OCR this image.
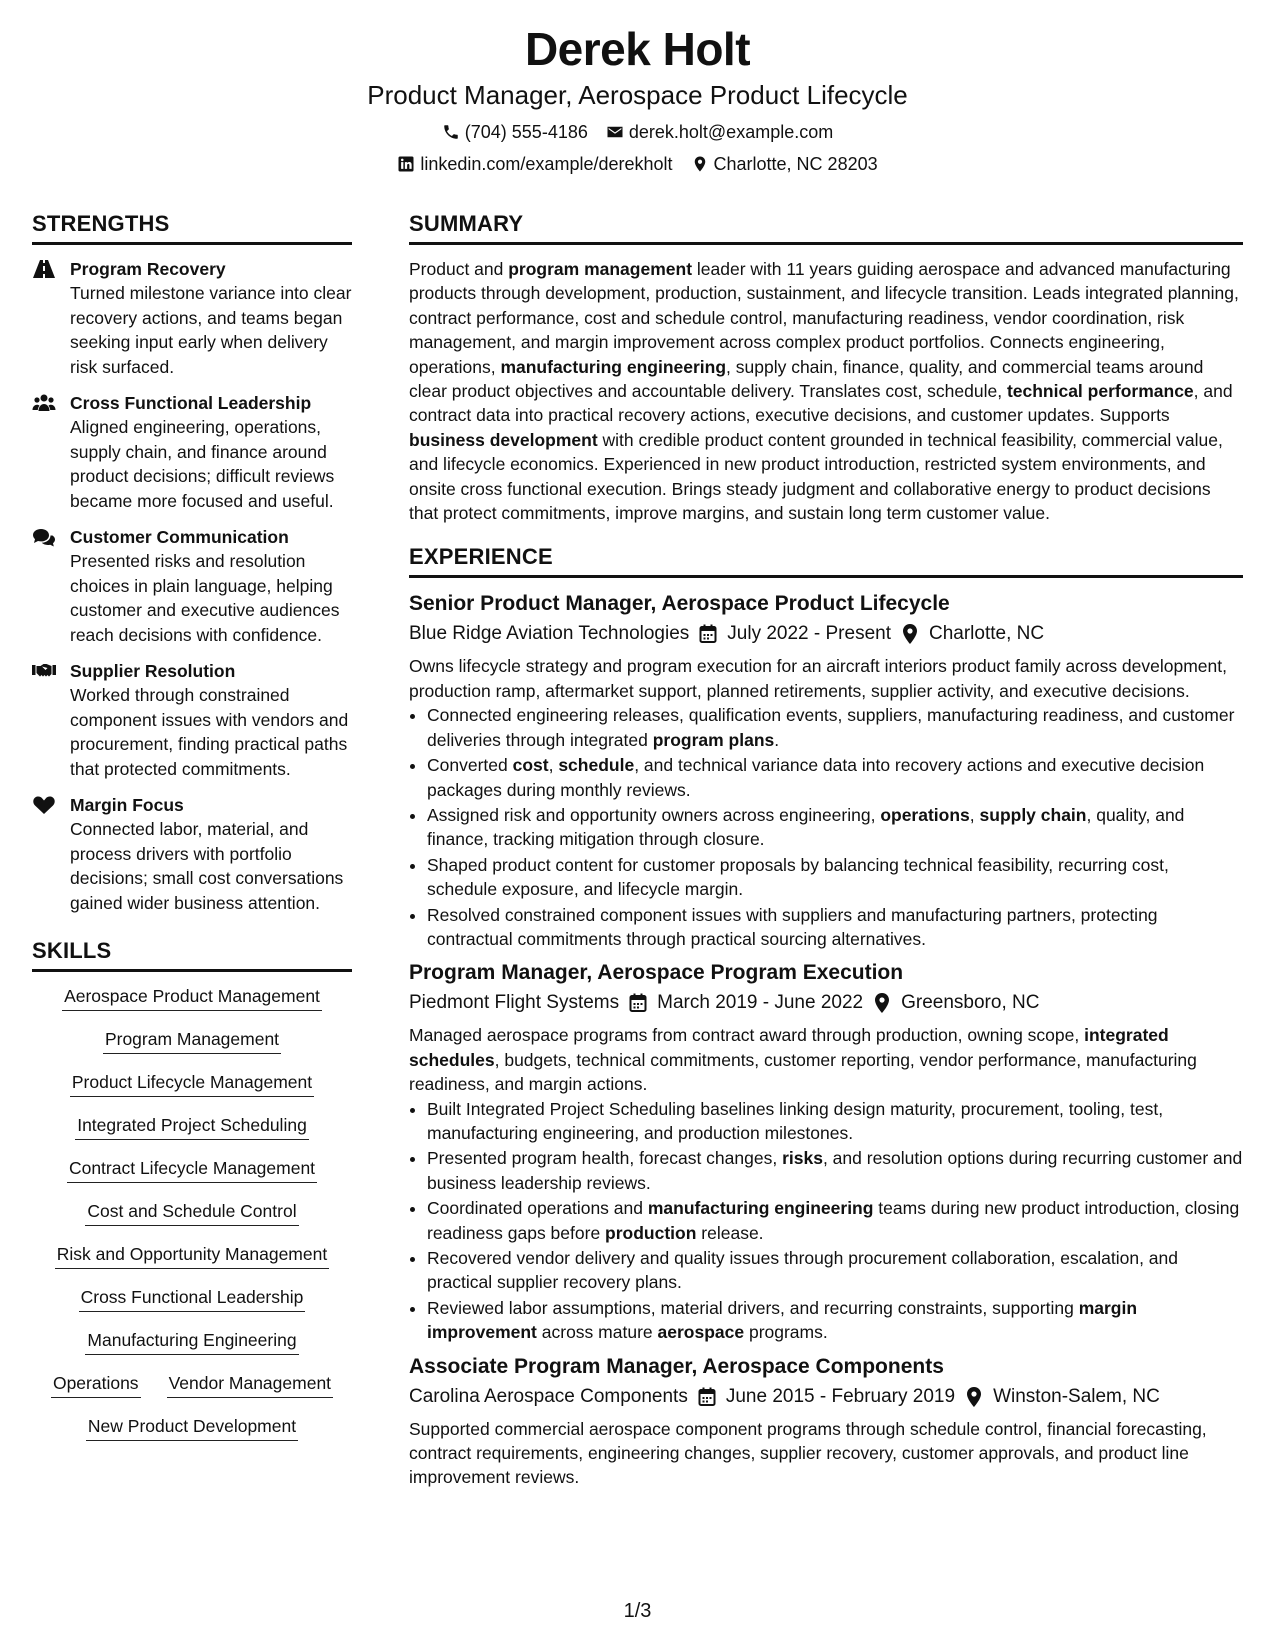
Derek Holt
Product Manager, Aerospace Product Lifecycle
(704) 555-4186 derek.holt@example.com
linkedin.com/example/derekholt Charlotte, NC 28203
STRENGTHS
Program Recovery
Turned milestone variance into clear recovery actions, and teams began seeking input early when delivery risk surfaced.
Cross Functional Leadership
Aligned engineering, operations, supply chain, and finance around product decisions; difficult reviews became more focused and useful.
Customer Communication
Presented risks and resolution choices in plain language, helping customer and executive audiences reach decisions with confidence.
Supplier Resolution
Worked through constrained component issues with vendors and procurement, finding practical paths that protected commitments.
Margin Focus
Connected labor, material, and process drivers with portfolio decisions; small cost conversations gained wider business attention.
SKILLS
Aerospace Product Management
Program Management
Product Lifecycle Management
Integrated Project Scheduling
Contract Lifecycle Management
Cost and Schedule Control
Risk and Opportunity Management
Cross Functional Leadership
Manufacturing Engineering
Operations Vendor Management
New Product Development
SUMMARY

Product and program management leader with 11 years guiding aerospace and advanced manufacturing products through development, production, sustainment, and lifecycle transition. Leads integrated planning, contract performance, cost and schedule control, manufacturing readiness, vendor coordination, risk management, and margin improvement across complex product portfolios. Connects engineering, operations, manufacturing engineering, supply chain, finance, quality, and commercial teams around clear product objectives and accountable delivery. Translates cost, schedule, technical performance, and contract data into practical recovery actions, executive decisions, and customer updates. Supports business development with credible product content grounded in technical feasibility, commercial value, and lifecycle economics. Experienced in new product introduction, restricted system environments, and onsite cross functional execution. Brings steady judgment and collaborative energy to product decisions that protect commitments, improve margins, and sustain long term customer value.

EXPERIENCE
Senior Product Manager, Aerospace Product Lifecycle
Blue Ridge Aviation Technologies July 2022 - Present Charlotte, NC

Owns lifecycle strategy and program execution for an aircraft interiors product family across development, production ramp, aftermarket support, planned retirements, supplier activity, and executive decisions.

• Connected engineering releases, qualification events, suppliers, manufacturing readiness, and customer deliveries through integrated program plans.
• Converted cost, schedule, and technical variance data into recovery actions and executive decision packages during monthly reviews.
• Assigned risk and opportunity owners across engineering, operations, supply chain, quality, and finance, tracking mitigation through closure.
• Shaped product content for customer proposals by balancing technical feasibility, recurring cost, schedule exposure, and lifecycle margin.
• Resolved constrained component issues with suppliers and manufacturing partners, protecting contractual commitments through practical sourcing alternatives.
Program Manager, Aerospace Program Execution
Piedmont Flight Systems March 2019 - June 2022 Greensboro, NC

Managed aerospace programs from contract award through production, owning scope, integrated schedules, budgets, technical commitments, customer reporting, vendor performance, manufacturing readiness, and margin actions.

• Built Integrated Project Scheduling baselines linking design maturity, procurement, tooling, test, manufacturing engineering, and production milestones.
• Presented program health, forecast changes, risks, and resolution options during recurring customer and business leadership reviews.
• Coordinated operations and manufacturing engineering teams during new product introduction, closing readiness gaps before production release.
• Recovered vendor delivery and quality issues through procurement collaboration, escalation, and practical supplier recovery plans.
• Reviewed labor assumptions, material drivers, and recurring constraints, supporting margin improvement across mature aerospace programs.
Associate Program Manager, Aerospace Components
Carolina Aerospace Components June 2015 - February 2019 Winston-Salem, NC

Supported commercial aerospace component programs through schedule control, financial forecasting, contract requirements, engineering changes, supplier recovery, customer approvals, and product line improvement reviews.

1/3
